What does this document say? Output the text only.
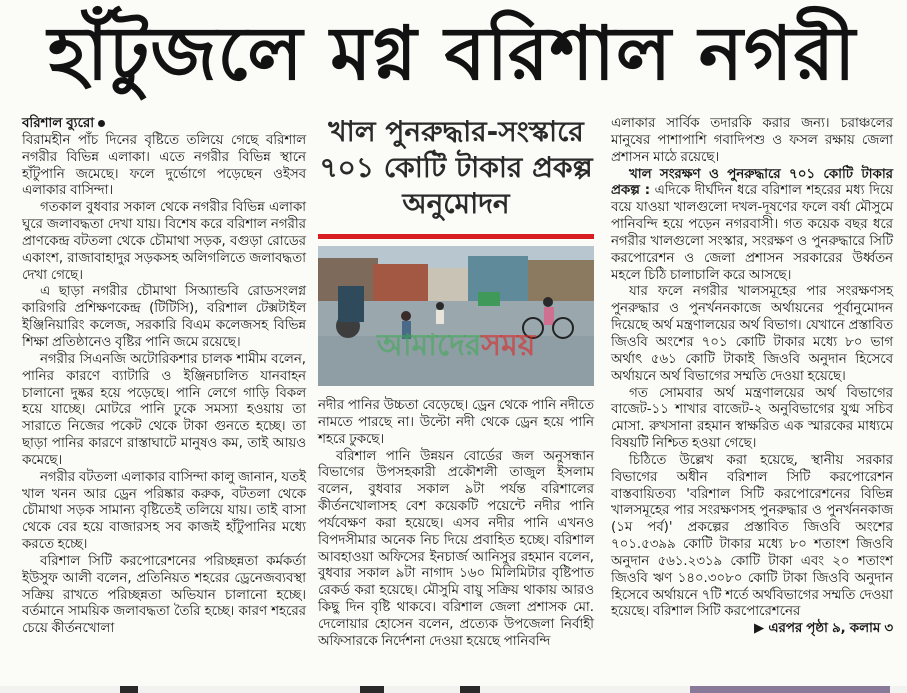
হাঁটুজলে মগ্ন বরিশাল নগরী

বরিশাল ব্যুরো

বিরামহীন পাঁচ দিনের বৃষ্টিতে তলিয়ে গেছে বরিশাল নগরীর বিভিন্ন এলাকা। এতে নগরীর বিভিন্ন স্থানে হাঁটুপানি জমেছে। ফলে দুর্ভোগে পড়েছেন ওইসব এলাকার বাসিন্দা।

গতকাল বুধবার সকাল থেকে নগরীর বিভিন্ন এলাকা ঘুরে জলাবদ্ধতা দেখা যায়। বিশেষ করে বরিশাল নগরীর প্রাণকেন্দ্র বটতলা থেকে চৌমাথা সড়ক, বগুড়া রোডের একাংশ, রাজাবাহাদুর সড়কসহ অলিগলিতে জলাবদ্ধতা দেখা গেছে।

এ ছাড়া নগরীর চৌমাথা সিঅ্যান্ডবি রোডসংলগ্ন কারিগরি প্রশিক্ষণকেন্দ্র (টিটিসি), বরিশাল টেক্সটাইল ইঞ্জিনিয়ারিং কলেজ, সরকারি বিএম কলেজসহ বিভিন্ন শিক্ষা প্রতিষ্ঠানেও বৃষ্টির পানি জমে রয়েছে।

নগরীর সিএনজি অটোরিকশার চালক শামীম বলেন, পানির কারণে ব্যাটারি ও ইঞ্জিনচালিত যানবাহন চালানো দুষ্কর হয়ে পড়েছে। পানি লেগে গাড়ি বিকল হয়ে যাচ্ছে। মোটরে পানি ঢুকে সমস্যা হওয়ায় তা সারাতে নিজের পকেট থেকে টাকা গুনতে হচ্ছে। তা ছাড়া পানির কারণে রাস্তাঘাটে মানুষও কম, তাই আয়ও কমেছে।

নগরীর বটতলা এলাকার বাসিন্দা কালু জানান, যতই খাল খনন আর ড্রেন পরিষ্কার করুক, বটতলা থেকে চৌমাথা সড়ক সামান্য বৃষ্টিতেই তলিয়ে যায়। তাই বাসা থেকে বের হয়ে বাজারসহ সব কাজই হাঁটুপানির মধ্যে করতে হচ্ছে।

বরিশাল সিটি করপোরেশনের পরিচ্ছন্নতা কর্মকর্তা ইউসুফ আলী বলেন, প্রতিনিয়ত শহরের ড্রেনেজব্যবস্থা সক্রিয় রাখতে পরিচ্ছন্নতা অভিযান চালানো হচ্ছে। বর্তমানে সাময়িক জলাবদ্ধতা তৈরি হচ্ছে। কারণ শহরের চেয়ে কীর্তনখোলা

খাল পুনরুদ্ধার-সংস্কারে ৭০১ কোটি টাকার প্রকল্প অনুমোদন
আমাদেরসময়

নদীর পানির উচ্চতা বেড়েছে। ড্রেন থেকে পানি নদীতে নামতে পারছে না। উল্টো নদী থেকে ড্রেন হয়ে পানি শহরে ঢুকছে।

বরিশাল পানি উন্নয়ন বোর্ডের জল অনুসন্ধান বিভাগের উপসহকারী প্রকৌশলী তাজুল ইসলাম বলেন, বুধবার সকাল ৯টা পর্যন্ত বরিশালের কীর্তনখোলাসহ বেশ কয়েকটি পয়েন্টে নদীর পানি পর্যবেক্ষণ করা হয়েছে। এসব নদীর পানি এখনও বিপদসীমার অনেক নিচ দিয়ে প্রবাহিত হচ্ছে। বরিশাল আবহাওয়া অফিসের ইনচার্জ আনিসুর রহমান বলেন, বুধবার সকাল ৯টা নাগাদ ১৬০ মিলিমিটার বৃষ্টিপাত রেকর্ড করা হয়েছে। মৌসুমি বায়ু সক্রিয় থাকায় আরও কিছু দিন বৃষ্টি থাকবে। বরিশাল জেলা প্রশাসক মো. দেলোয়ার হোসেন বলেন, প্রত্যেক উপজেলা নির্বাহী অফিসারকে নির্দেশনা দেওয়া হয়েছে পানিবন্দি

এলাকার সার্বিক তদারকি করার জন্য। চরাঞ্চলের মানুষের পাশাপাশি গবাদিপশু ও ফসল রক্ষায় জেলা প্রশাসন মাঠে রয়েছে।

খাল সংরক্ষণ ও পুনরুদ্ধারে ৭০১ কোটি টাকার প্রকল্প : এদিকে দীর্ঘদিন ধরে বরিশাল শহরের মধ্য দিয়ে বয়ে যাওয়া খালগুলো দখল-দূষণের ফলে বর্ষা মৌসুমে পানিবন্দি হয়ে পড়েন নগরবাসী। গত কয়েক বছর ধরে নগরীর খালগুলো সংস্কার, সংরক্ষণ ও পুনরুদ্ধারে সিটি করপোরেশন ও জেলা প্রশাসন সরকারের উর্ধ্বতন মহলে চিঠি চালাচালি করে আসছে।

যার ফলে নগরীর খালসমূহের পার সংরক্ষণসহ পুনরুদ্ধার ও পুনর্খননকাজে অর্থায়নের পূর্বানুমোদন দিয়েছে অর্থ মন্ত্রণালয়ের অর্থ বিভাগ। যেখানে প্রস্তাবিত জিওবি অংশের ৭০১ কোটি টাকার মধ্যে ৮০ ভাগ অর্থাৎ ৫৬১ কোটি টাকাই জিওবি অনুদান হিসেবে অর্থায়নে অর্থ বিভাগের সম্মতি দেওয়া হয়েছে।

গত সোমবার অর্থ মন্ত্রণালয়ের অর্থ বিভাগের বাজেট-১১ শাখার বাজেট-২ অনুবিভাগের যুগ্ম সচিব মোসা. রুখসানা রহমান স্বাক্ষরিত এক স্মারকের মাধ্যমে বিষয়টি নিশ্চিত হওয়া গেছে।

চিঠিতে উল্লেখ করা হয়েছে, স্থানীয় সরকার বিভাগের অধীন বরিশাল সিটি করপোরেশন বাস্তবায়িতব্য 'বরিশাল সিটি করপোরেশনের বিভিন্ন খালসমূহের পার সংরক্ষণসহ পুনরুদ্ধার ও পুনর্খননকাজ (১ম পর্ব)' প্রকল্পের প্রস্তাবিত জিওবি অংশের ৭০১.৫৩৯৯ কোটি টাকার মধ্যে ৮০ শতাংশ জিওবি অনুদান ৫৬১.২৩১৯ কোটি টাকা এবং ২০ শতাংশ জিওবি ঋণ ১৪০.৩০৮০ কোটি টাকা জিওবি অনুদান হিসেবে অর্থায়নে ৭টি শর্তে অর্থবিভাগের সম্মতি দেওয়া হয়েছে। বরিশাল সিটি করপোরেশনের

▶ এরপর পৃষ্ঠা ৯, কলাম ৩
